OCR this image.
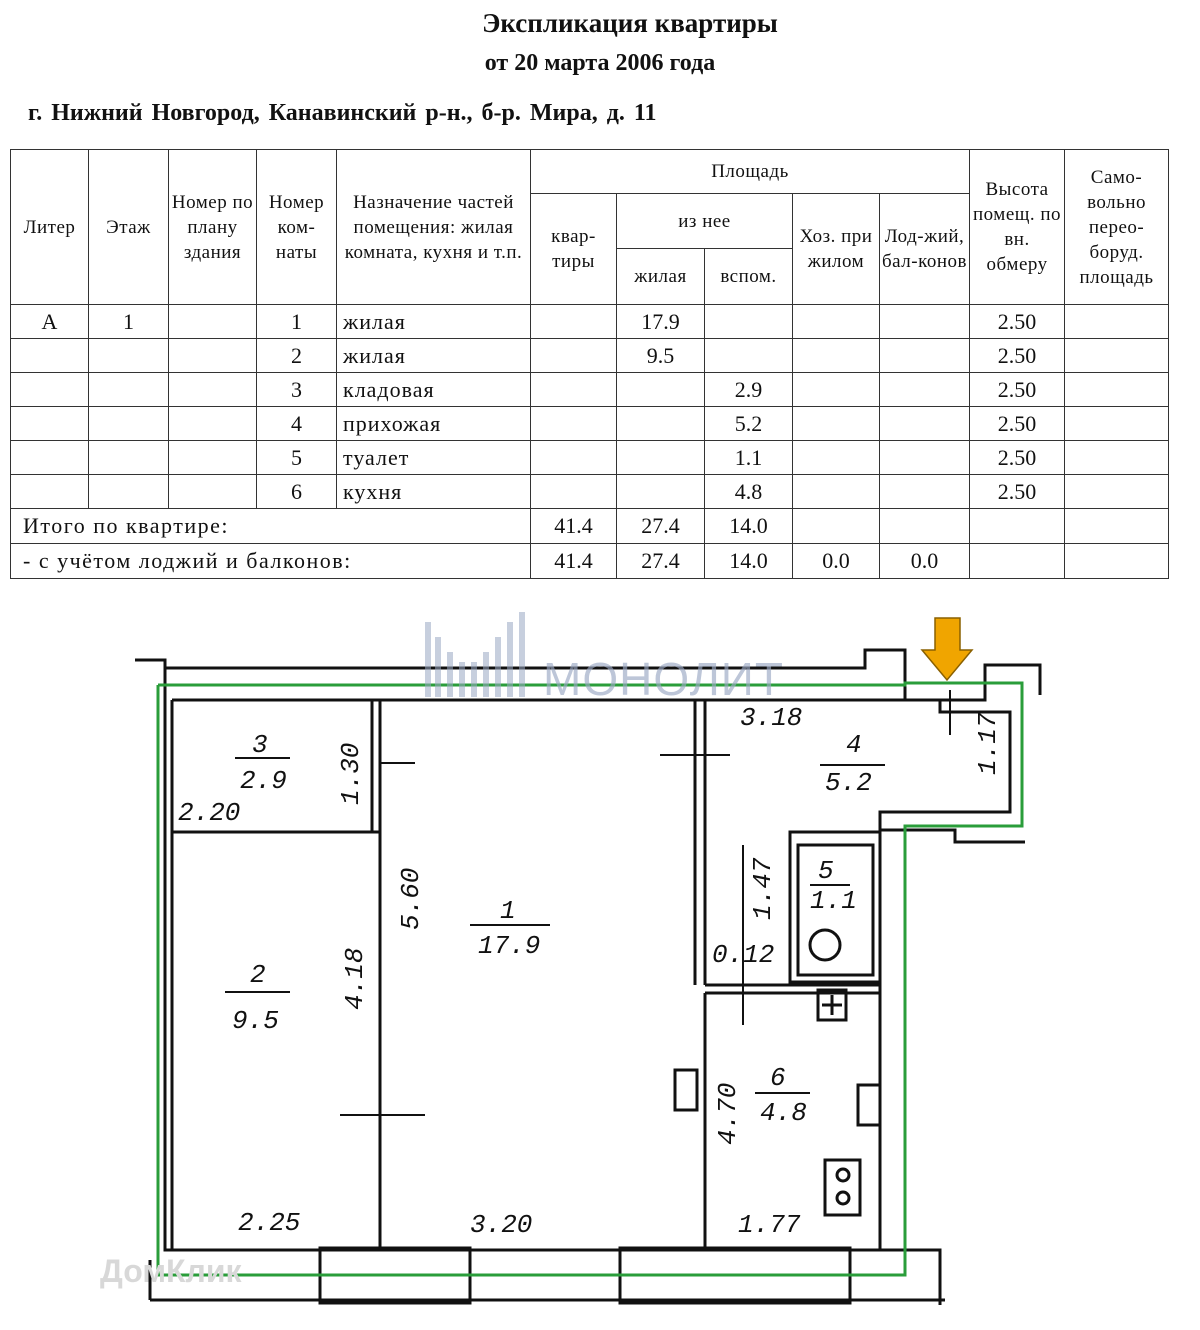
Экспликация квартиры
от 20 марта 2006 года
г. Нижний Новгород, Канавинский р-н., б-р. Мира, д. 11
Литер	Этаж	Номер по плану здания	Номер ком-наты	Назначение частей помещения: жилая комната, кухня и т.п.	Площадь					Высота помещ. по вн. обмеру	Само-вольно перео-боруд. площадь
					квар-тиры	из нее		Хоз. при жилом	Лод-жий, бал-конов		
						жилая	вспом.				
А	1		1	жилая		17.9				2.50	
			2	жилая		9.5				2.50	
			3	кладовая			2.9			2.50	
			4	прихожая			5.2			2.50	
			5	туалет			1.1			2.50	
			6	кухня			4.8			2.50	
Итого по квартире:					41.4	27.4	14.0				
- с учётом лоджий и балконов:					41.4	27.4	14.0	0.0	0.0		
3
2.9
1
17.9
2
9.5
4
5.2
5
1.1
6
4.8
3.18
1.30
2.20
5.60
4.18
1.17
1.47
0.12
4.70
2.25	3.20	1.77
МОНОЛИТ
ДомКлик
